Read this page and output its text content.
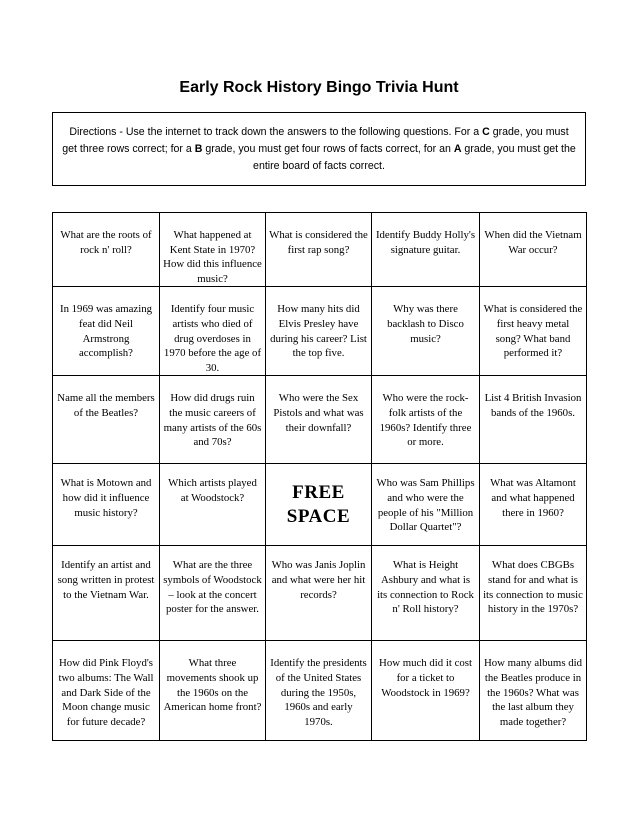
Early Rock History Bingo Trivia Hunt
Directions - Use the internet to track down the answers to the following questions. For a C grade, you must get three rows correct; for a B grade, you must get four rows of facts correct, for an A grade, you must get the entire board of facts correct.
What are the roots of rock n' roll?	What happened at Kent State in 1970? How did this influence music?	What is considered the first rap song?	Identify Buddy Holly's signature guitar.	When did the Vietnam War occur?
In 1969 was amazing feat did Neil Armstrong accomplish?	Identify four music artists who died of drug overdoses in 1970 before the age of 30.	How many hits did Elvis Presley have during his career? List the top five.	Why was there backlash to Disco music?	What is considered the first heavy metal song? What band performed it?
Name all the members of the Beatles?	How did drugs ruin the music careers of many artists of the 60s and 70s?	Who were the Sex Pistols and what was their downfall?	Who were the rock-folk artists of the 1960s? Identify three or more.	List 4 British Invasion bands of the 1960s.
What is Motown and how did it influence music history?	Which artists played at Woodstock?	FREE SPACE	Who was Sam Phillips and who were the people of his "Million Dollar Quartet"?	What was Altamont and what happened there in 1960?
Identify an artist and song written in protest to the Vietnam War.	What are the three symbols of Woodstock – look at the concert poster for the answer.	Who was Janis Joplin and what were her hit records?	What is Height Ashbury and what is its connection to Rock n' Roll history?	What does CBGBs stand for and what is its connection to music history in the 1970s?
How did Pink Floyd's two albums: The Wall and Dark Side of the Moon change music for future decade?	What three movements shook up the 1960s on the American home front?	Identify the presidents of the United States during the 1950s, 1960s and early 1970s.	How much did it cost for a ticket to Woodstock in 1969?	How many albums did the Beatles produce in the 1960s? What was the last album they made together?
